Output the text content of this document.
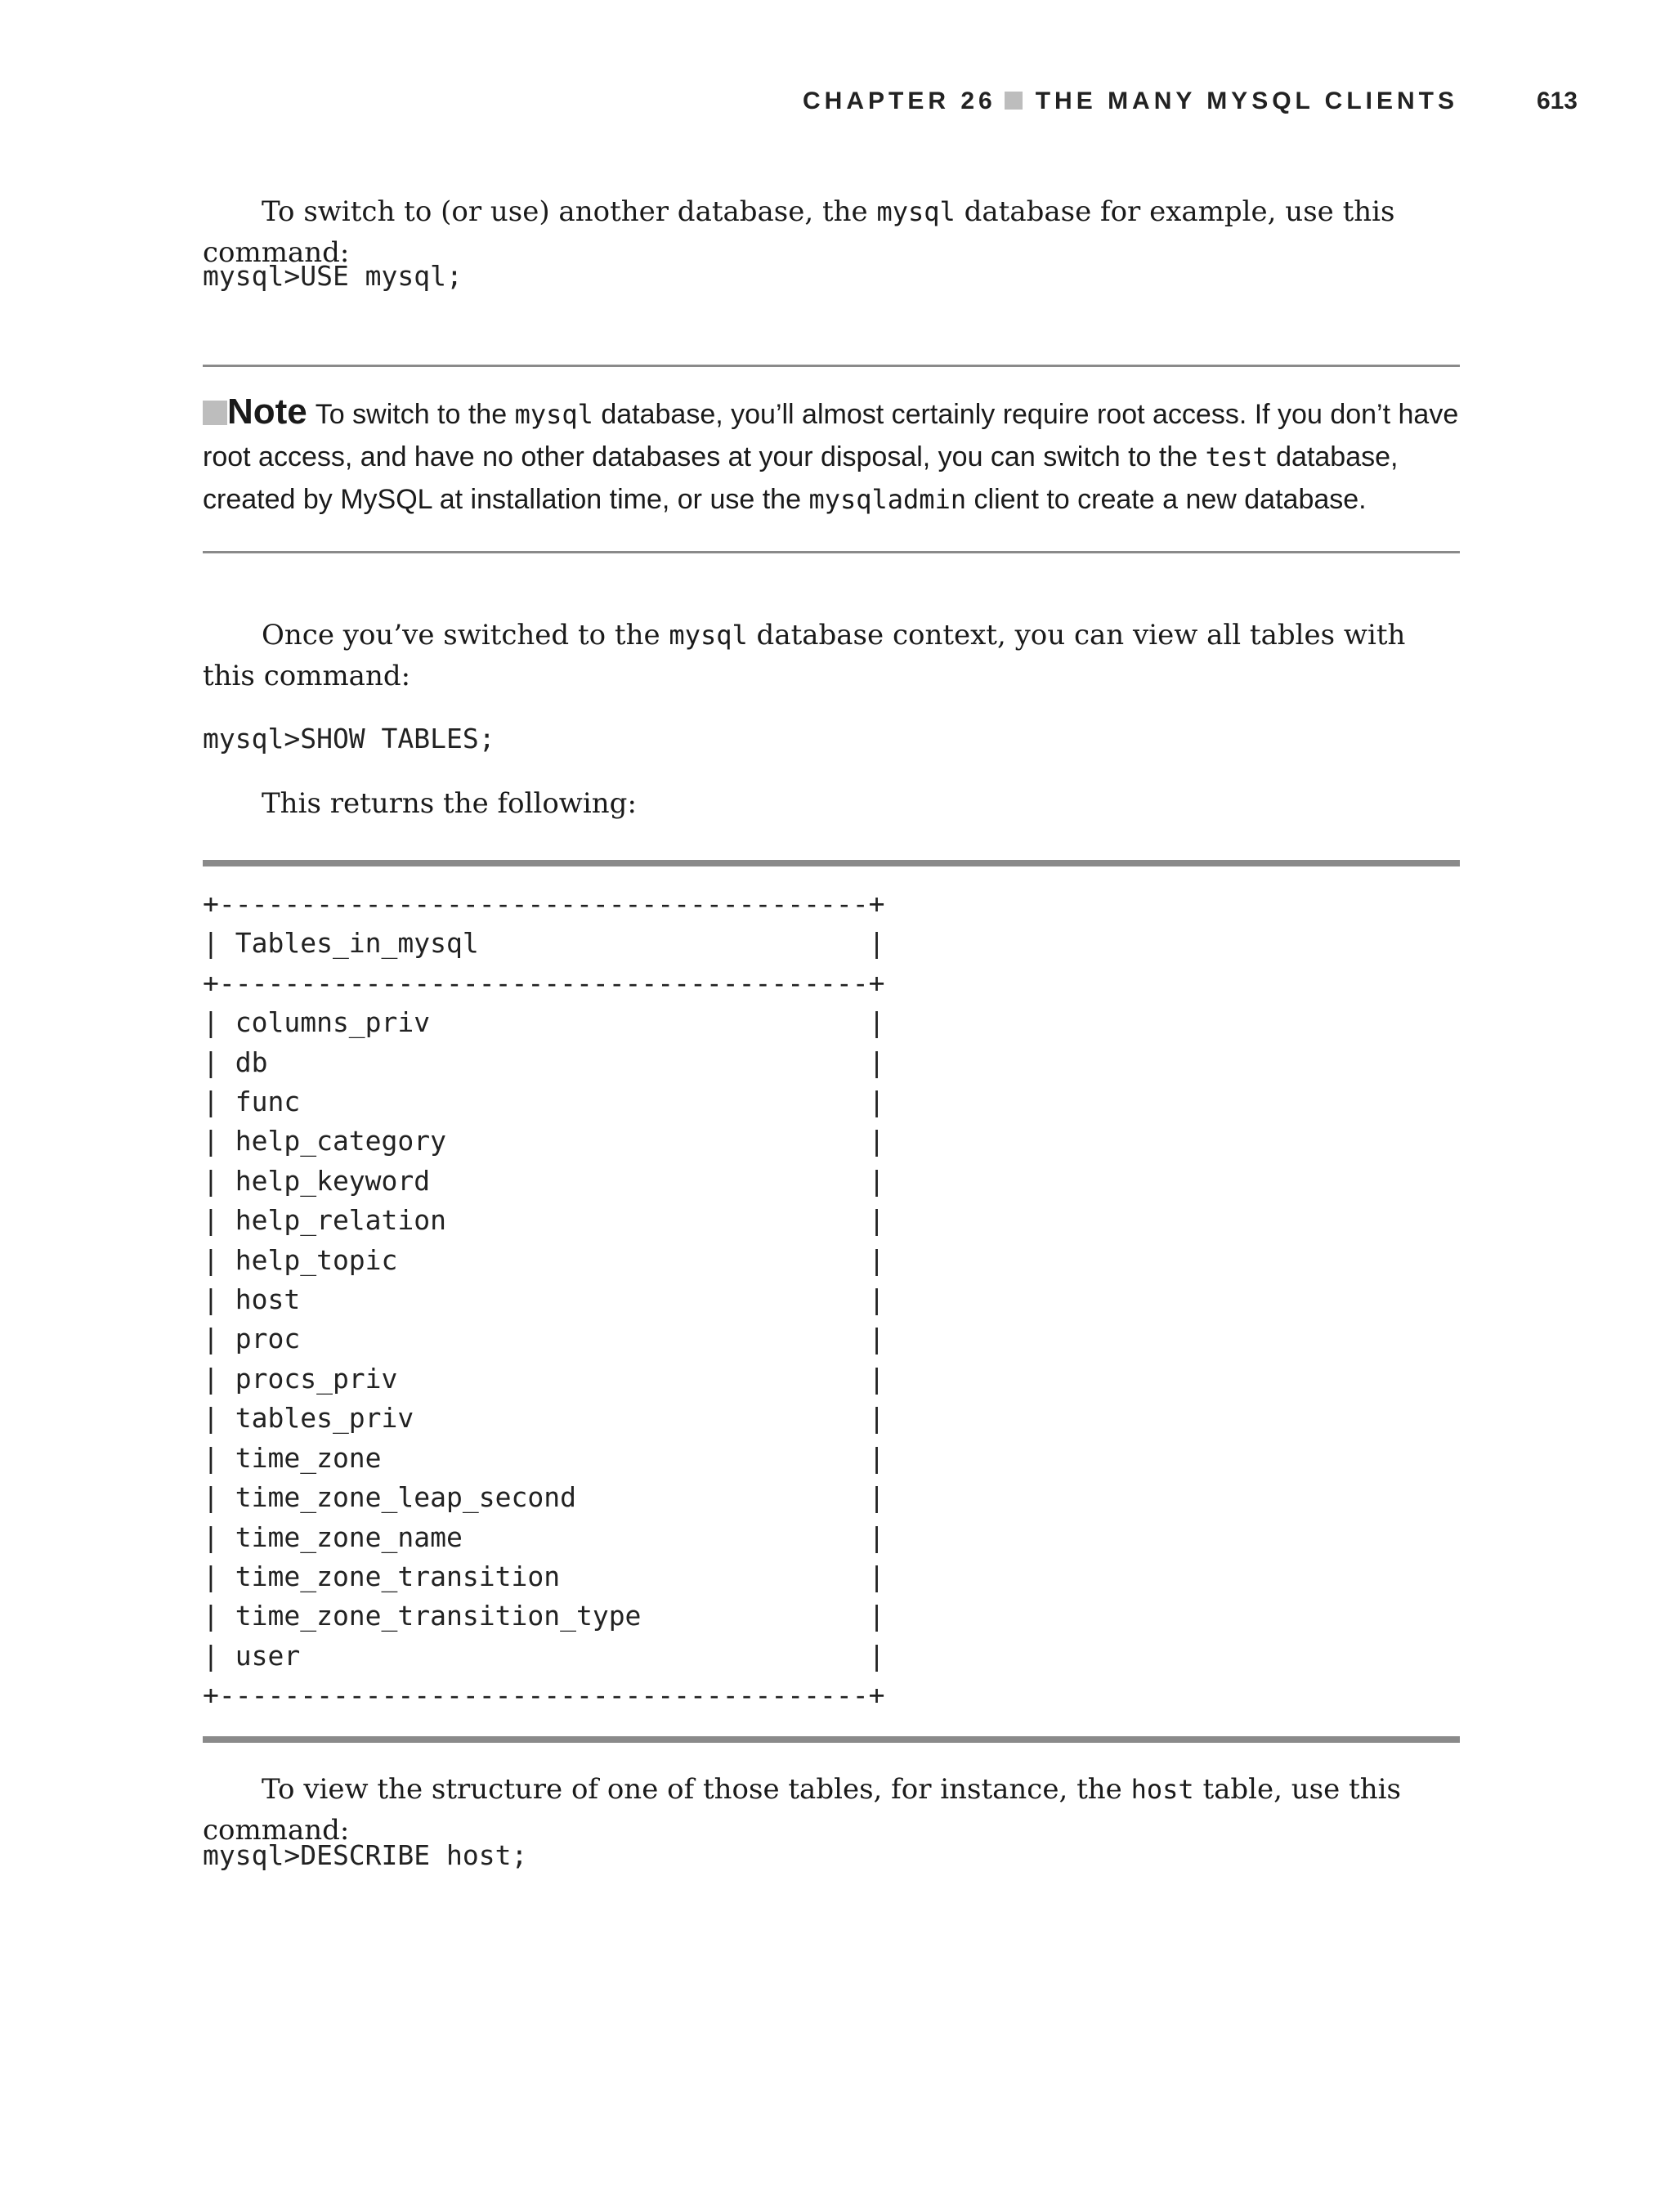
CHAPTER 26 THE MANY MYSQL CLIENTS	613

To switch to (or use) another database, the mysql database for example, use this command:

mysql>USE mysql;
Note To switch to the mysql database, you’ll almost certainly require root access. If you don’t have root access, and have no other databases at your disposal, you can switch to the test database, created by MySQL at installation time, or use the mysqladmin client to create a new database.

Once you’ve switched to the mysql database context, you can view all tables with this command:

mysql>SHOW TABLES;

This returns the following:

+----------------------------------------+
| Tables_in_mysql                        |
+----------------------------------------+
| columns_priv                           |
| db                                     |
| func                                   |
| help_category                          |
| help_keyword                           |
| help_relation                          |
| help_topic                             |
| host                                   |
| proc                                   |
| procs_priv                             |
| tables_priv                            |
| time_zone                              |
| time_zone_leap_second                  |
| time_zone_name                         |
| time_zone_transition                   |
| time_zone_transition_type              |
| user                                   |
+----------------------------------------+

To view the structure of one of those tables, for instance, the host table, use this command:

mysql>DESCRIBE host;
